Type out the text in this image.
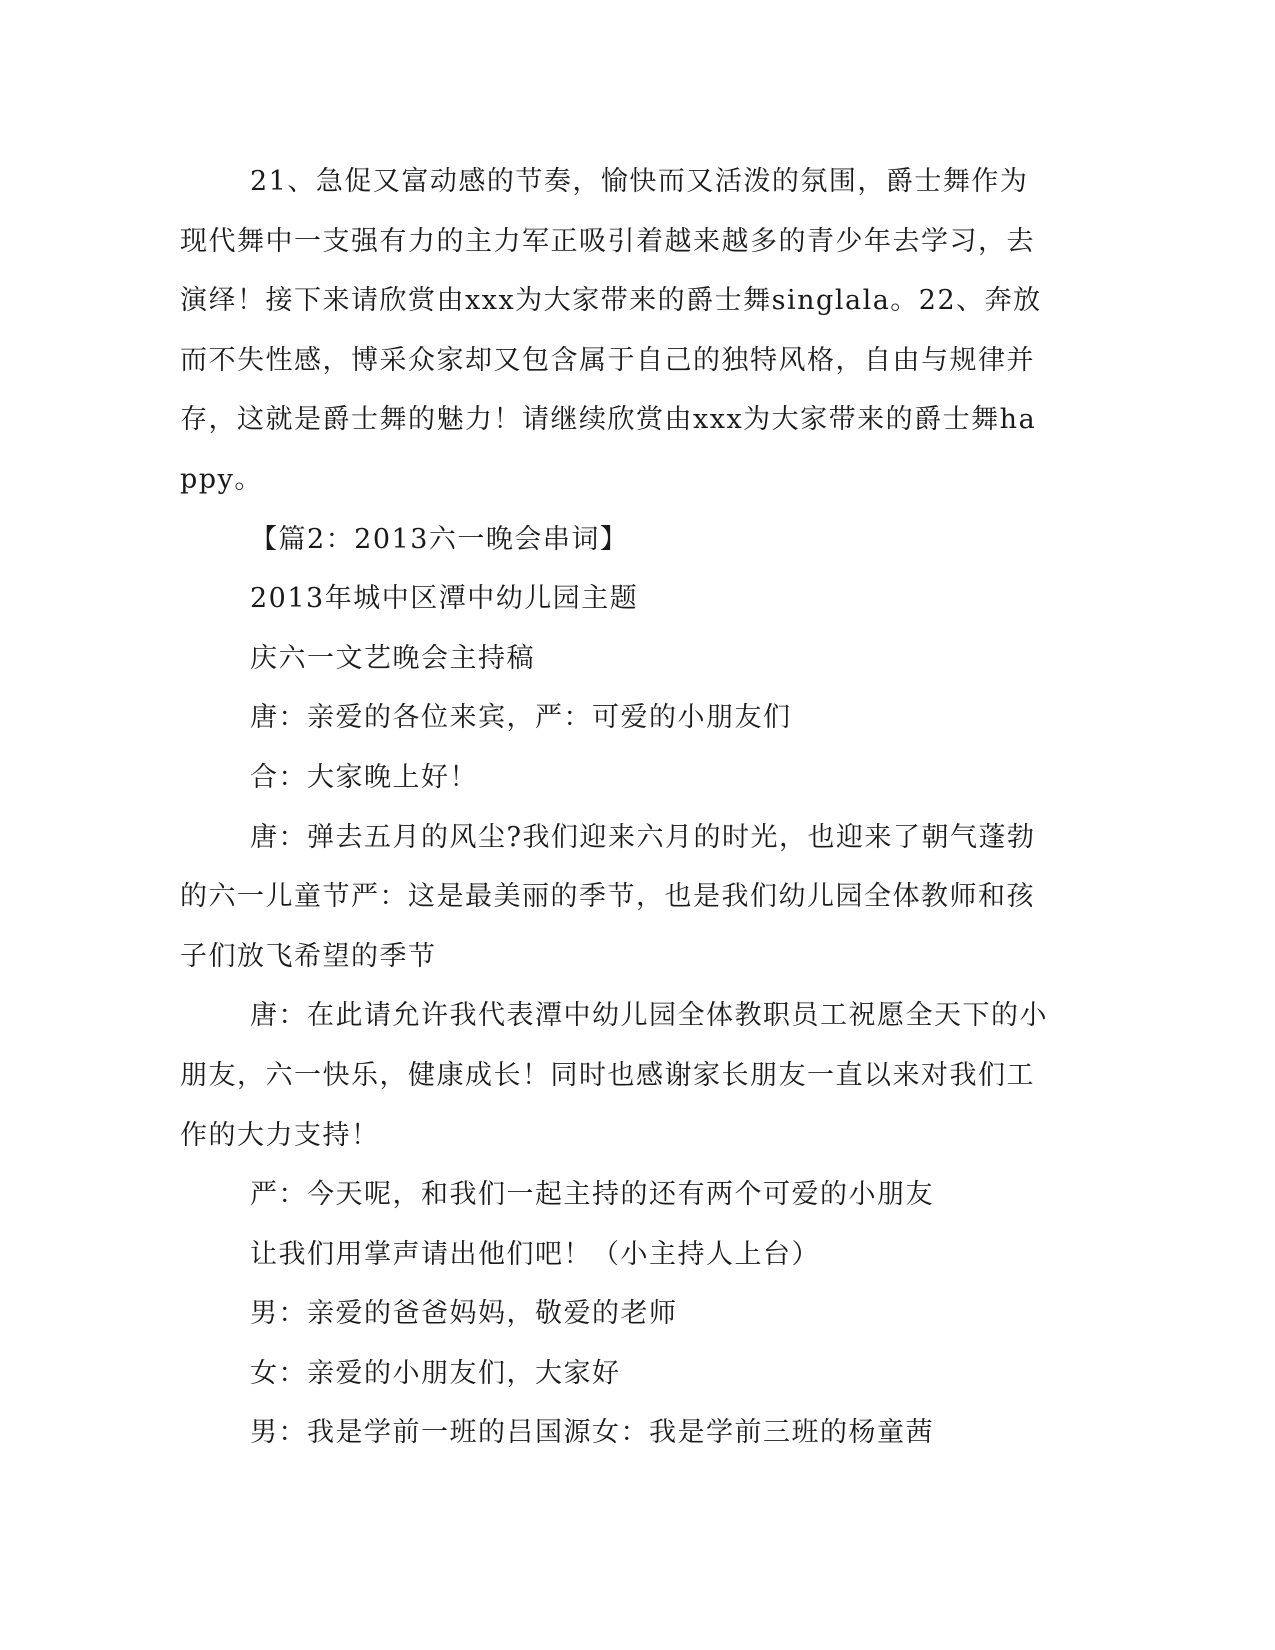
21、急促又富动感的节奏，愉快而又活泼的氛围，爵士舞作为现代舞中一支强有力的主力军正吸引着越来越多的青少年去学习，去演绎！接下来请欣赏由xxx为大家带来的爵士舞singlala。22、奔放而不失性感，博采众家却又包含属于自己的独特风格，自由与规律并存，这就是爵士舞的魅力！请继续欣赏由xxx为大家带来的爵士舞happy。

【篇2：2013六一晚会串词】

2013年城中区潭中幼儿园主题

庆六一文艺晚会主持稿

唐：亲爱的各位来宾，严：可爱的小朋友们

合：大家晚上好！

唐：弹去五月的风尘?我们迎来六月的时光，也迎来了朝气蓬勃的六一儿童节严：这是最美丽的季节，也是我们幼儿园全体教师和孩子们放飞希望的季节

唐：在此请允许我代表潭中幼儿园全体教职员工祝愿全天下的小朋友，六一快乐，健康成长！同时也感谢家长朋友一直以来对我们工作的大力支持！

严：今天呢，和我们一起主持的还有两个可爱的小朋友

让我们用掌声请出他们吧！（小主持人上台）

男：亲爱的爸爸妈妈，敬爱的老师

女：亲爱的小朋友们，大家好

男：我是学前一班的吕国源女：我是学前三班的杨童茜
